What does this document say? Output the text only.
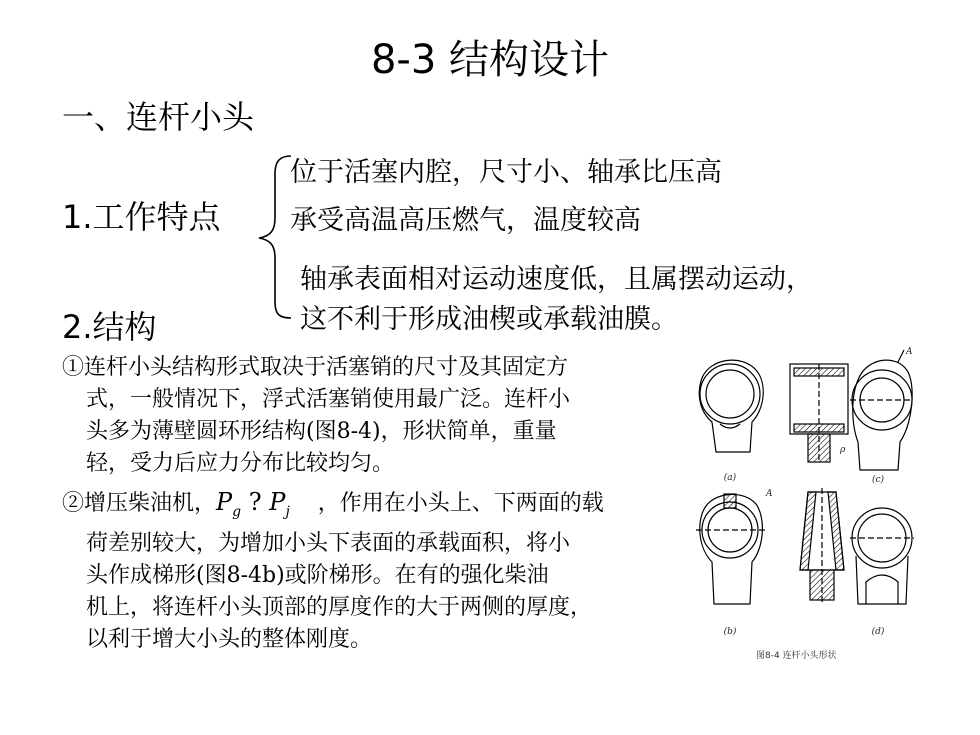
8-3 结构设计
一、连杆小头
1.工作特点
位于活塞内腔，尺寸小、轴承比压高
承受高温高压燃气，温度较高
轴承表面相对运动速度低，且属摆动运动，
这不利于形成油楔或承载油膜。
2.结构
①连杆小头结构形式取决于活塞销的尺寸及其固定方
式，一般情况下，浮式活塞销使用最广泛。连杆小
头多为薄壁圆环形结构(图8-4)，形状简单，重量
轻，受力后应力分布比较均匀。
②增压柴油机，$P_g$ ? $P_j$ ，作用在小头上、下两面的载
荷差别较大，为增加小头下表面的承载面积，将小
头作成梯形(图8-4b)或阶梯形。在有的强化柴油
机上，将连杆小头顶部的厚度作的大于两侧的厚度，
以利于增大小头的整体刚度。
(a)	(c)
(b)	(d)
A
A
ρ
图8-4 连杆小头形状
